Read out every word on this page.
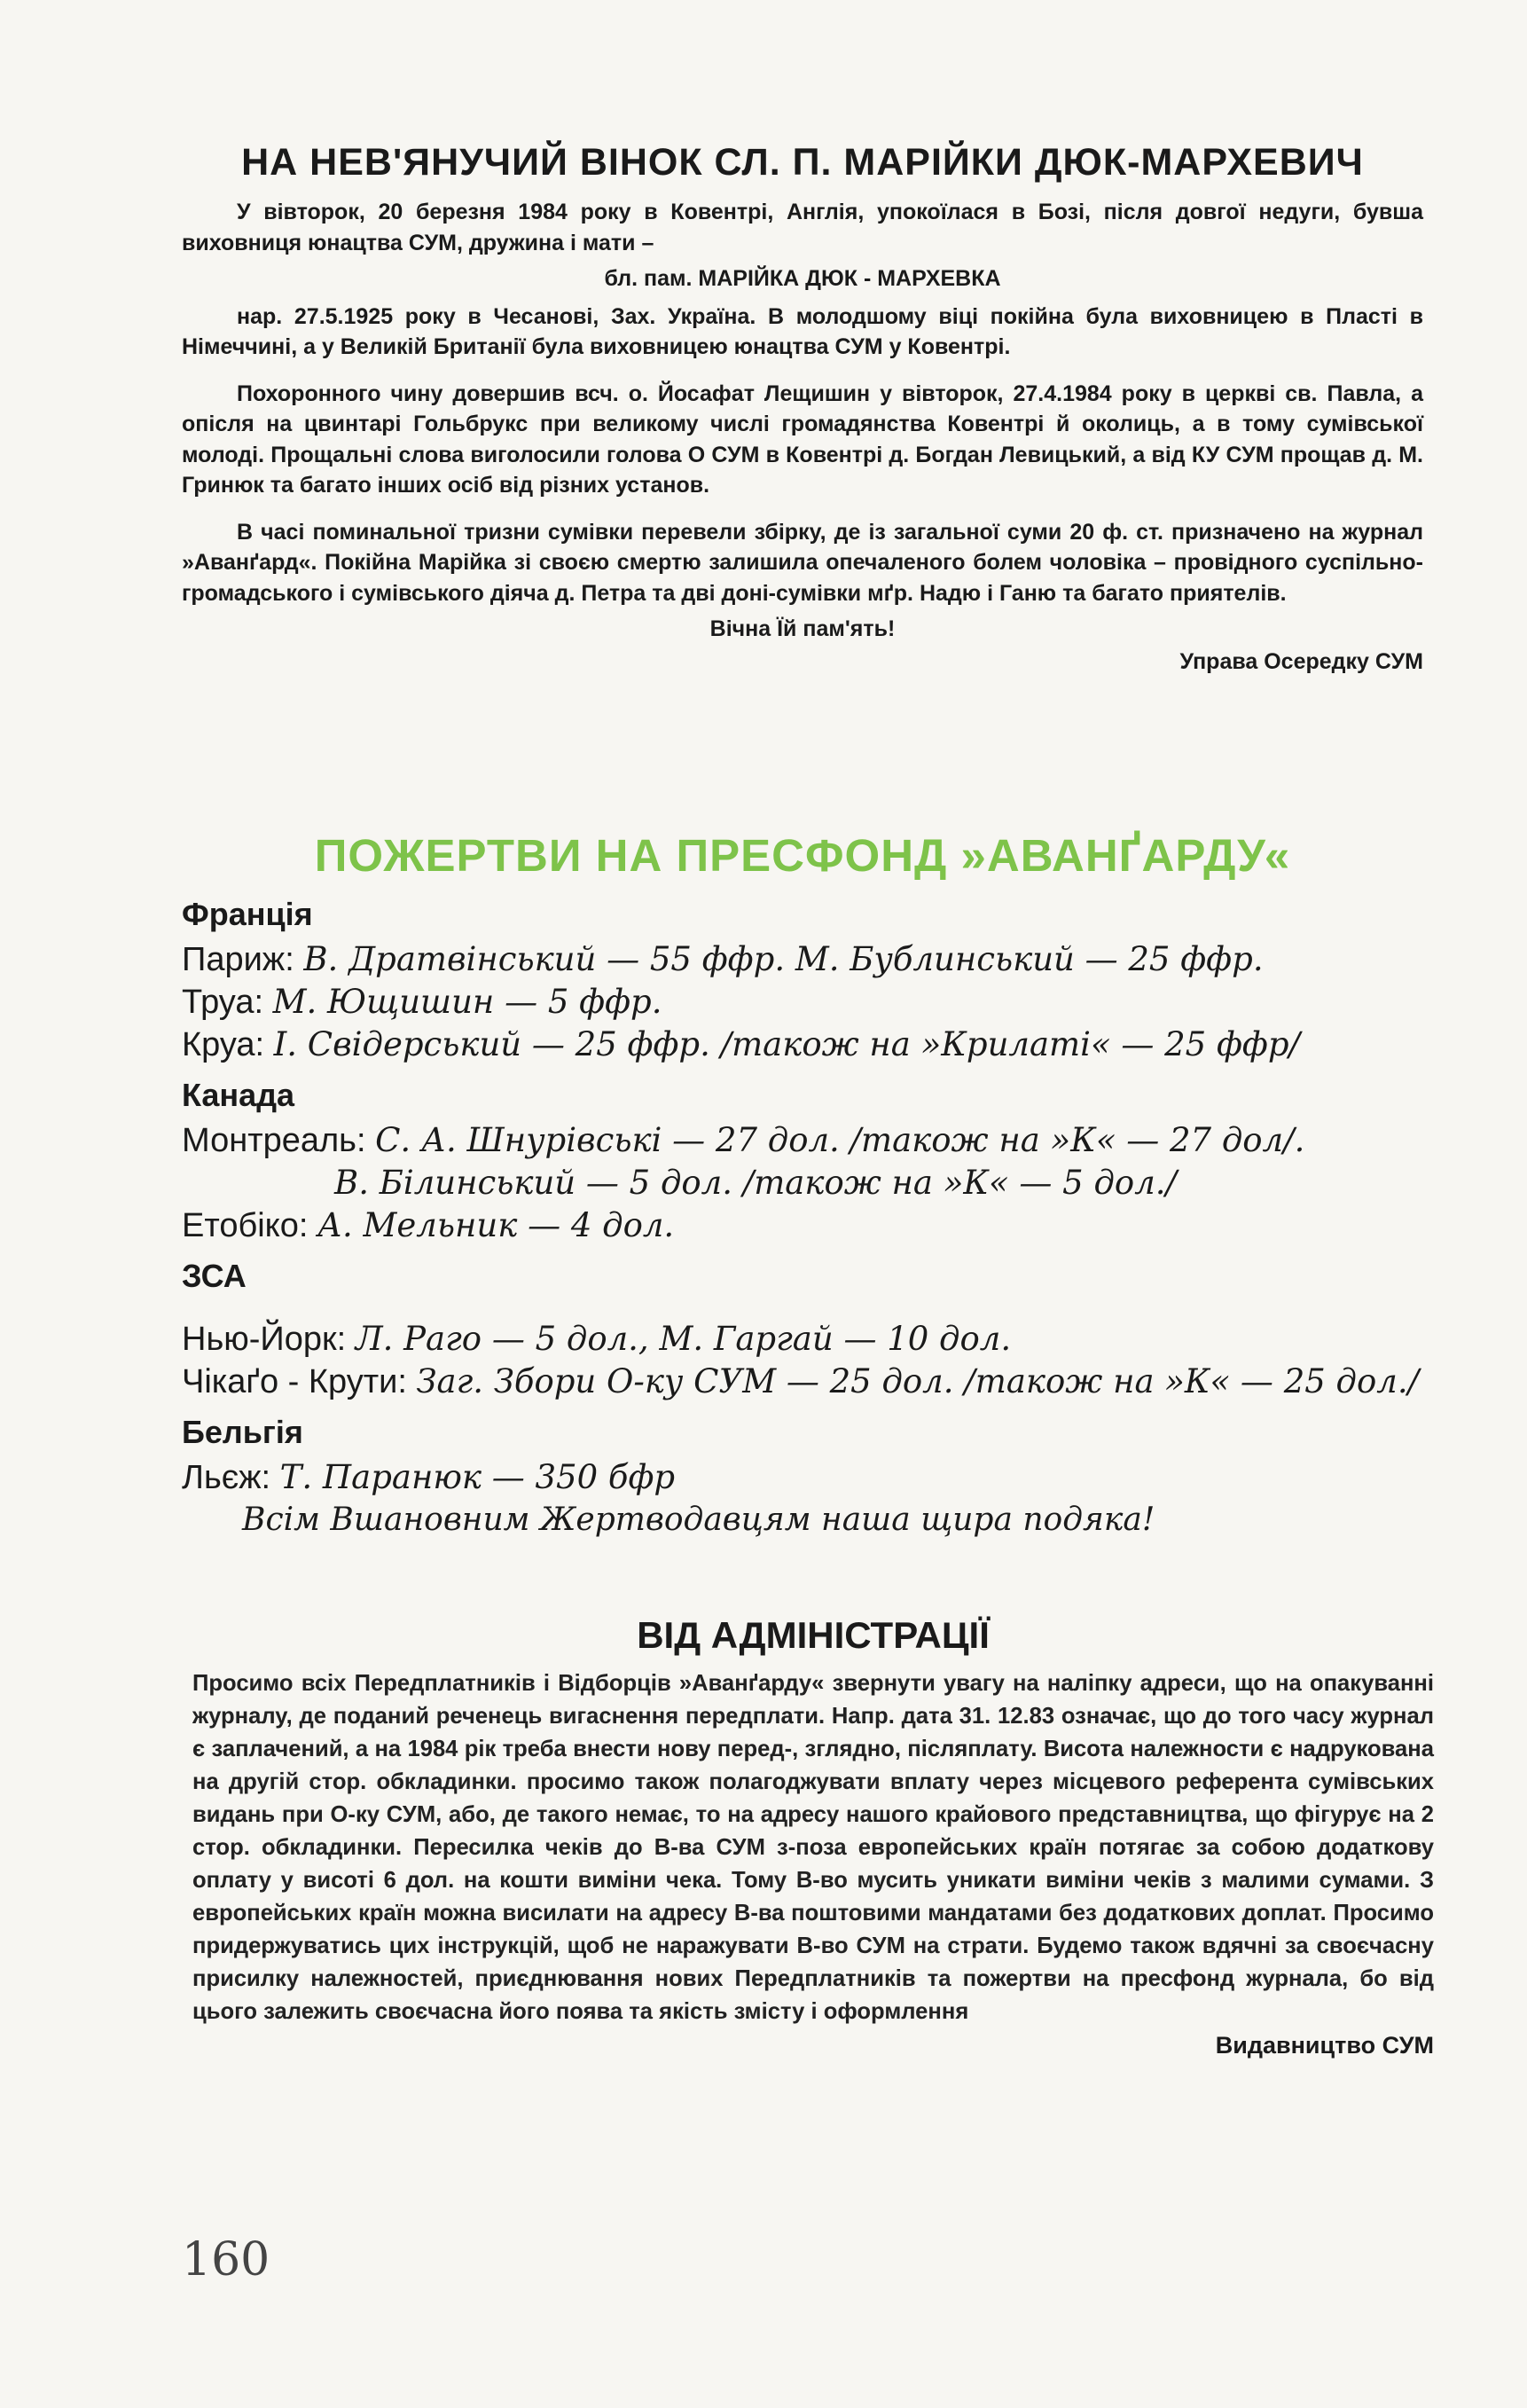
НА НЕВ'ЯНУЧИЙ ВІНОК СЛ. П. МАРІЙКИ ДЮК-МАРХЕВИЧ

У вівторок, 20 березня 1984 року в Ковентрі, Англія, упокоїлася в Бозі, після довгої недуги, бувша виховниця юнацтва СУМ, дружина і мати –

бл. пам. МАРІЙКА ДЮК - МАРХЕВКА

нар. 27.5.1925 року в Чесанові, Зах. Україна. В молодшому віці покійна була виховницею в Пласті в Німеччині, а у Великій Британії була виховницею юнацтва СУМ у Ковентрі.

Похоронного чину довершив всч. о. Йосафат Лещишин у вівторок, 27.4.1984 року в церкві св. Павла, а опісля на цвинтарі Гольбрукс при великому числі громадянства Ковентрі й околиць, а в тому сумівської молоді. Прощальні слова виголосили голова О СУМ в Ковентрі д. Богдан Левицький, а від КУ СУМ прощав д. М. Гринюк та багато інших осіб від різних установ.

В часі поминальної тризни сумівки перевели збірку, де із загальної суми 20 ф. ст. призначено на журнал »Аванґард«. Покійна Марійка зі своєю смертю залишила опечаленого болем чоловіка – провідного суспільно-громадського і сумівського діяча д. Петра та дві доні-сумівки мґр. Надю і Ганю та багато приятелів.

Вічна Їй пам'ять!

Управа Осередку СУМ

ПОЖЕРТВИ НА ПРЕСФОНД »АВАНҐАРДУ«
Франція
Париж: В. Дратвінський — 55 ффр. М. Бублинський — 25 ффр.
Труа: М. Ющишин — 5 ффр.
Круа: І. Свідерський — 25 ффр. /також на »Крилаті« — 25 ффр/
Канада
Монтреаль: С. А. Шнурівські — 27 дол. /також на »К« — 27 дол/.
В. Білинський — 5 дол. /також на »К« — 5 дол./
Етобіко: А. Мельник — 4 дол.
ЗСА
Нью-Йорк: Л. Раго — 5 дол., М. Гаргай — 10 дол.
Чікаґо - Крути: Заг. Збори О-ку СУМ — 25 дол. /також на »К« — 25 дол./
Бельгія
Льєж: Т. Паранюк — 350 бфр
Всім Вшановним Жертводавцям наша щира подяка!
ВІД АДМІНІСТРАЦІЇ

Просимо всіх Передплатників і Відборців »Аванґарду« звернути увагу на наліпку адреси, що на опакуванні журналу, де поданий реченець вигаснення передплати. Напр. дата 31. 12.83 означає, що до того часу журнал є заплачений, а на 1984 рік треба внести нову перед-, зглядно, післяплату. Висота належности є надрукована на другій стор. обкладинки. просимо також полагоджувати вплату через місцевого референта сумівських видань при О-ку СУМ, або, де такого немає, то на адресу нашого крайового представництва, що фігурує на 2 стор. обкладинки. Пересилка чеків до В-ва СУМ з-поза европейських країн потягає за собою додаткову оплату у висоті 6 дол. на кошти виміни чека. Тому В-во мусить уникати виміни чеків з малими сумами. З европейських країн можна висилати на адресу В-ва поштовими мандатами без додаткових доплат. Просимо придержуватись цих інструкцій, щоб не наражувати В-во СУМ на страти. Будемо також вдячні за своєчасну присилку належностей, приєднювання нових Передплатників та пожертви на пресфонд журнала, бо від цього залежить своєчасна його поява та якість змісту і оформлення

Видавництво СУМ
160
